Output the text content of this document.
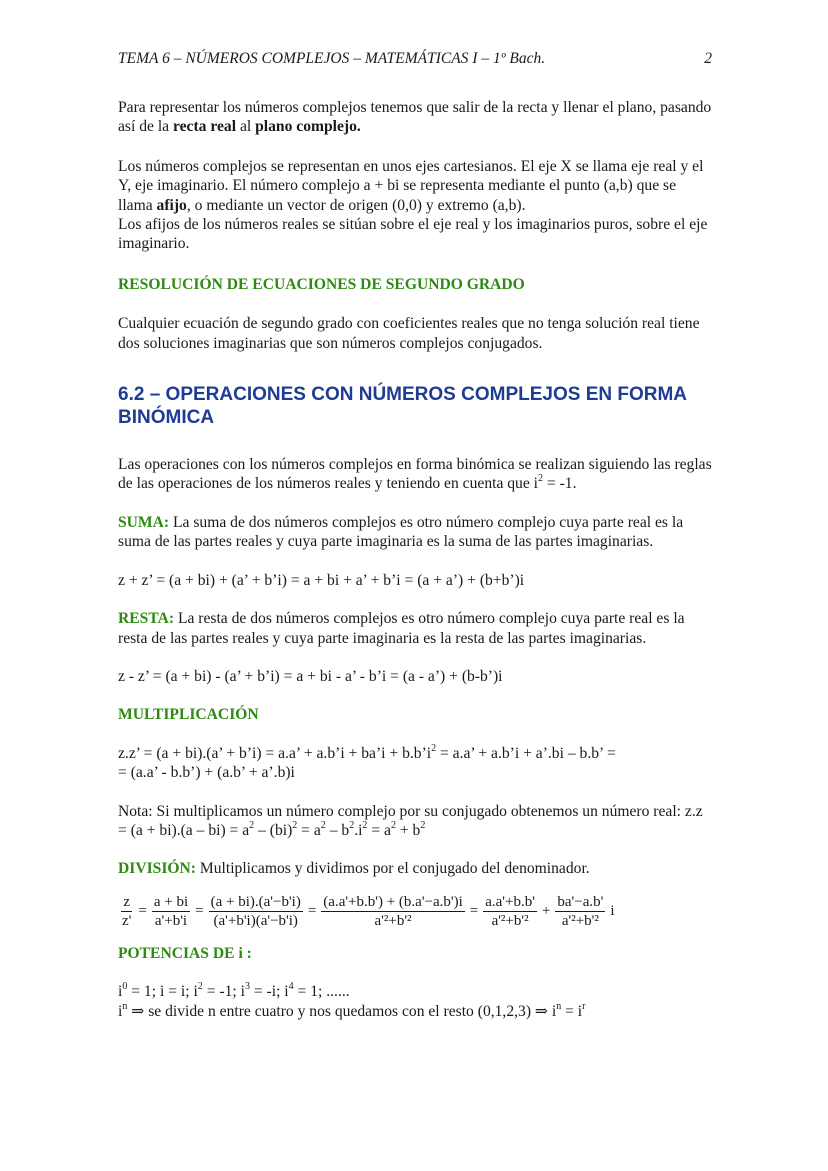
TEMA 6 – NÚMEROS COMPLEJOS – MATEMÁTICAS I – 1º Bach.	2

Para representar los números complejos tenemos que salir de la recta y llenar el plano, pasando así de la recta real al plano complejo.

Los números complejos se representan en unos ejes cartesianos. El eje X se llama eje real y el Y, eje imaginario. El número complejo a + bi se representa mediante el punto (a,b) que se llama afijo, o mediante un vector de origen (0,0) y extremo (a,b).

Los afijos de los números reales se sitúan sobre el eje real y los imaginarios puros, sobre el eje imaginario.

RESOLUCIÓN DE ECUACIONES DE SEGUNDO GRADO

Cualquier ecuación de segundo grado con coeficientes reales que no tenga solución real tiene dos soluciones imaginarias que son números complejos conjugados.

6.2 – OPERACIONES CON NÚMEROS COMPLEJOS EN FORMA BINÓMICA

Las operaciones con los números complejos en forma binómica se realizan siguiendo las reglas de las operaciones de los números reales y teniendo en cuenta que $i^2 = -1$.

SUMA: La suma de dos números complejos es otro número complejo cuya parte real es la suma de las partes reales y cuya parte imaginaria es la suma de las partes imaginarias.

z + z’ = (a + bi) + (a’ + b’i) = a + bi + a’ + b’i = (a + a’) + (b+b’)i

RESTA: La resta de dos números complejos es otro número complejo cuya parte real es la resta de las partes reales y cuya parte imaginaria es la resta de las partes imaginarias.

z - z’ = (a + bi) - (a’ + b’i) = a + bi - a’ - b’i = (a - a’) + (b-b’)i

MULTIPLICACIÓN

z.z’ = (a + bi).(a’ + b’i) = a.a’ + a.b’i + ba’i + $b.b’i^2 = a.a$’ + a.b’i + a’.bi – b.b’ =

= (a.a’ - b.b’) + (a.b’ + a’.b)i

Nota: Si multiplicamos un número complejo por su conjugado obtenemos un número real: $z.z = (a + bi).(a - bi) = a^2 - (bi)^2 = a^2 - b^2.i^2 = a^2 + b^2$

DIVISIÓN: Multiplicamos y dividimos por el conjugado del denominador.

$\frac{z}{z'} = \frac{a + bi}{a'+b'i} = \frac{(a + bi).(a'-b'i)}{(a'+b'i)(a'-b'i)} = \frac{(a.a'+b.b') + (b.a'-a.b')i}{\text{a'²+b'²}} = \frac{a.a'+b.b'}{\text{a'²+b'²}} + \frac{ba'-a.b'}{\text{a'²+b'²}}$ i

POTENCIAS DE i :

$i^0 = 1$; i = i; $i^2 = -1$; $i^3 = -i$; $i^4 = 1$; ......

$i^n$ ⇒ se divide n entre cuatro y nos quedamos con el resto (0,1,2,3) ⇒ $i^n = i^r$
